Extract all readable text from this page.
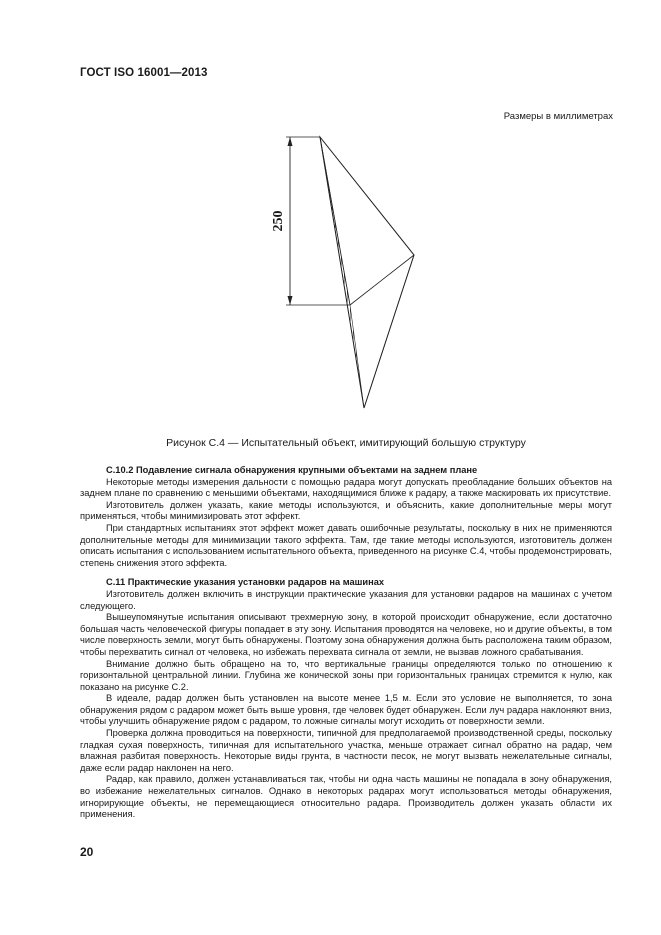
ГОСТ ISO 16001—2013
Размеры в миллиметрах
250
Рисунок С.4 — Испытательный объект, имитирующий большую структуру
С.10.2 Подавление сигнала обнаружения крупными объектами на заднем плане

Некоторые методы измерения дальности с помощью радара могут допускать преобладание больших объектов на заднем плане по сравнению с меньшими объектами, находящимися ближе к радару, а также маскировать их присутствие.

Изготовитель должен указать, какие методы используются, и объяснить, какие дополнительные меры могут применяться, чтобы минимизировать этот эффект.

При стандартных испытаниях этот эффект может давать ошибочные результаты, поскольку в них не применяются дополнительные методы для минимизации такого эффекта. Там, где такие методы используются, изготовитель должен описать испытания с использованием испытательного объекта, приведенного на рисунке С.4, чтобы продемонстрировать, степень снижения этого эффекта.

С.11 Практические указания установки радаров на машинах

Изготовитель должен включить в инструкции практические указания для установки радаров на машинах с учетом следующего.

Вышеупомянутые испытания описывают трехмерную зону, в которой происходит обнаружение, если достаточно большая часть человеческой фигуры попадает в эту зону. Испытания проводятся на человеке, но и другие объекты, в том числе поверхность земли, могут быть обнаружены. Поэтому зона обнаружения должна быть расположена таким образом, чтобы перехватить сигнал от человека, но избежать перехвата сигнала от земли, не вызвав ложного срабатывания.

Внимание должно быть обращено на то, что вертикальные границы определяются только по отношению к горизонтальной центральной линии. Глубина же конической зоны при горизонтальных границах стремится к нулю, как показано на рисунке С.2.

В идеале, радар должен быть установлен на высоте менее 1,5 м. Если это условие не выполняется, то зона обнаружения рядом с радаром может быть выше уровня, где человек будет обнаружен. Если луч радара наклоняют вниз, чтобы улучшить обнаружение рядом с радаром, то ложные сигналы могут исходить от поверхности земли.

Проверка должна проводиться на поверхности, типичной для предполагаемой производственной среды, поскольку гладкая сухая поверхность, типичная для испытательного участка, меньше отражает сигнал обратно на радар, чем влажная разбитая поверхность. Некоторые виды грунта, в частности песок, не могут вызвать нежелательные сигналы, даже если радар наклонен на него.

Радар, как правило, должен устанавливаться так, чтобы ни одна часть машины не попадала в зону обнаружения, во избежание нежелательных сигналов. Однако в некоторых радарах могут использоваться методы обнаружения, игнорирующие объекты, не перемещающиеся относительно радара. Производитель должен указать области их применения.

20
